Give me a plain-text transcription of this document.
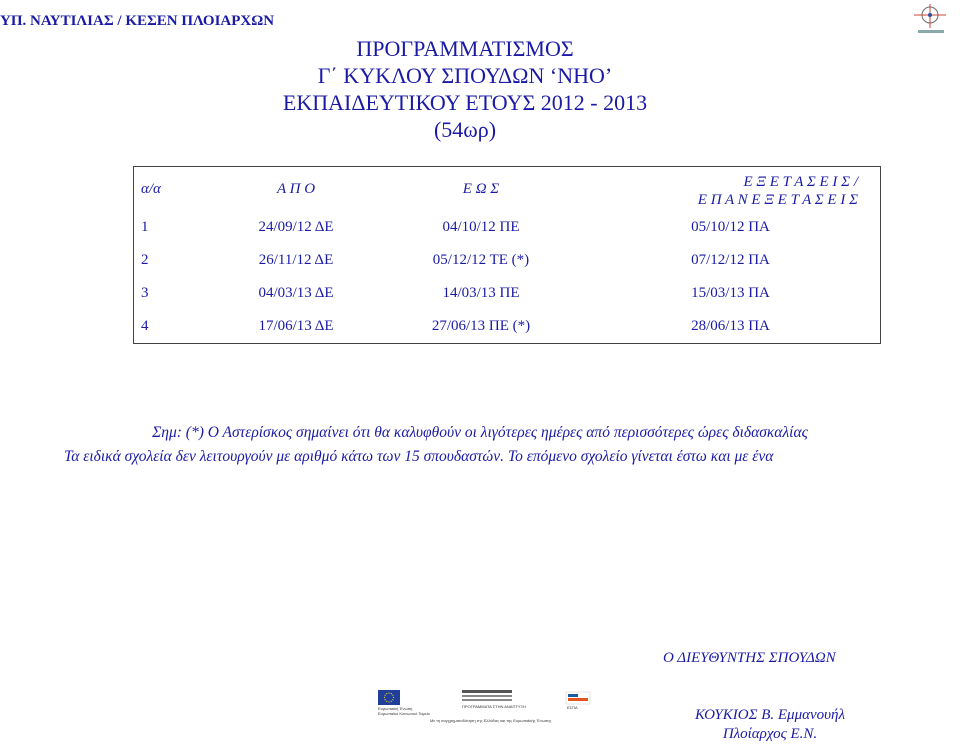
ΥΠ. ΝΑΥΤΙΛΙΑΣ / ΚΕΣΕΝ ΠΛΟΙΑΡΧΩΝ
ΠΡΟΓΡΑΜΜΑΤΙΣΜΟΣ
Γ΄ ΚΥΚΛΟΥ ΣΠΟΥΔΩΝ ‘ΝΗΟ’
ΕΚΠΑΙΔΕΥΤΙΚΟΥ ΕΤΟΥΣ 2012 - 2013
(54ωρ)
α/α	Α Π Ο	Ε Ω Σ	Ε Ξ Ε Τ Α Σ Ε Ι Σ /
Ε Π Α Ν Ε Ξ Ε Τ Α Σ Ε Ι Σ

1	24/09/12 ΔΕ	04/10/12 ΠΕ	05/10/12 ΠΑ
2	26/11/12 ΔΕ	05/12/12 ΤΕ (*)	07/12/12 ΠΑ
3	04/03/13 ΔΕ	14/03/13 ΠΕ	15/03/13 ΠΑ
4	17/06/13 ΔΕ	27/06/13 ΠΕ (*)	28/06/13 ΠΑ
Σημ: (*) Ο Αστερίσκος σημαίνει ότι θα καλυφθούν οι λιγότερες ημέρες από περισσότερες ώρες διδασκαλίας
Τα ειδικά σχολεία δεν λειτουργούν με αριθμό κάτω των 15 σπουδαστών. Το επόμενο σχολείο γίνεται έστω και με ένα
Ο ΔΙΕΥΘΥΝΤΗΣ ΣΠΟΥΔΩΝ
Ευρωπαϊκή Ένωση
Ευρωπαϊκό Κοινωνικό Ταμείο
ΠΡΟΓΡΑΜΜΑΤΑ ΣΤΗΝ ΑΝΑΠΤΥΞΗ	ΕΣΠΑ
Με τη συγχρηματοδότηση της Ελλάδας και της Ευρωπαϊκής Ένωσης	ΚΟΥΚΙΟΣ Β. Εμμανουήλ
Πλοίαρχος Ε.Ν.
